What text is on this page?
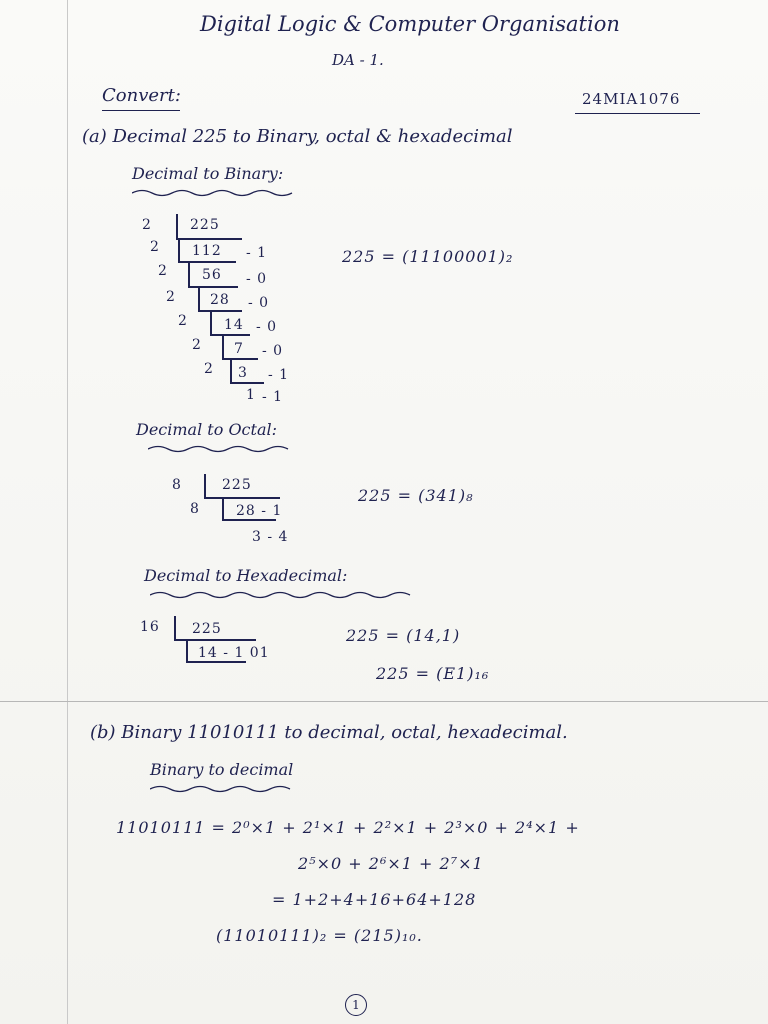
Digital Logic & Computer Organisation
DA - 1.
Convert:	24MIA1076
(a) Decimal 225 to Binary, octal & hexadecimal
Decimal to Binary:
2
2
2
2
2
2
2
225
112
56
28
14
7
3
1
- 1
- 0
- 0
- 0
- 0
- 1
- 1
225 = (11100001)₂
Decimal to Octal:
8
8
225
28 - 1
3 - 4
225 = (341)₈
Decimal to Hexadecimal:
16 225
14 - 1 01
225 = (14,1)
225 = (E1)₁₆
(b) Binary 11010111 to decimal, octal, hexadecimal.
Binary to decimal
11010111 = 2⁰×1 + 2¹×1 + 2²×1 + 2³×0 + 2⁴×1 +
2⁵×0 + 2⁶×1 + 2⁷×1
= 1+2+4+16+64+128
(11010111)₂ = (215)₁₀.
1
